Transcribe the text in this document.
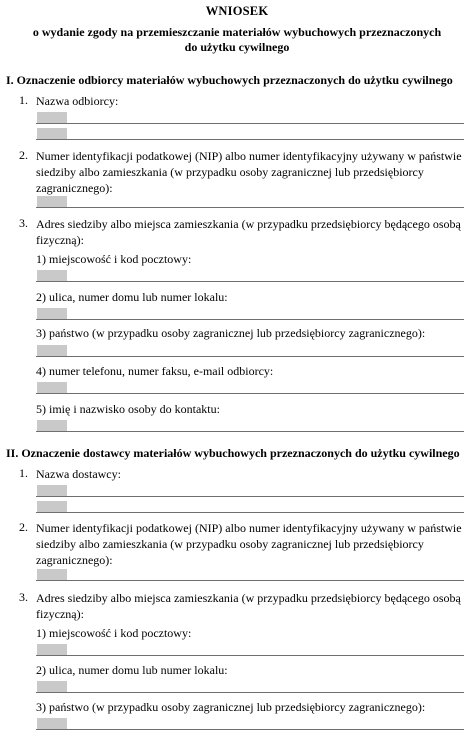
WNIOSEK
o wydanie zgody na przemieszczanie materiałów wybuchowych przeznaczonych
do użytku cywilnego
I. Oznaczenie odbiorcy materiałów wybuchowych przeznaczonych do użytku cywilnego
1. Nazwa odbiorcy:
2. Numer identyfikacji podatkowej (NIP) albo numer identyfikacyjny używany w państwie
siedziby albo zamieszkania (w przypadku osoby zagranicznej lub przedsiębiorcy
zagranicznego):
3. Adres siedziby albo miejsca zamieszkania (w przypadku przedsiębiorcy będącego osobą
fizyczną):
1) miejscowość i kod pocztowy:
2) ulica, numer domu lub numer lokalu:
3) państwo (w przypadku osoby zagranicznej lub przedsiębiorcy zagranicznego):
4) numer telefonu, numer faksu, e-mail odbiorcy:
5) imię i nazwisko osoby do kontaktu:
II. Oznaczenie dostawcy materiałów wybuchowych przeznaczonych do użytku cywilnego
1. Nazwa dostawcy:
2. Numer identyfikacji podatkowej (NIP) albo numer identyfikacyjny używany w państwie
siedziby albo zamieszkania (w przypadku osoby zagranicznej lub przedsiębiorcy
zagranicznego):
3. Adres siedziby albo miejsca zamieszkania (w przypadku przedsiębiorcy będącego osobą
fizyczną):
1) miejscowość i kod pocztowy:
2) ulica, numer domu lub numer lokalu:
3) państwo (w przypadku osoby zagranicznej lub przedsiębiorcy zagranicznego):
